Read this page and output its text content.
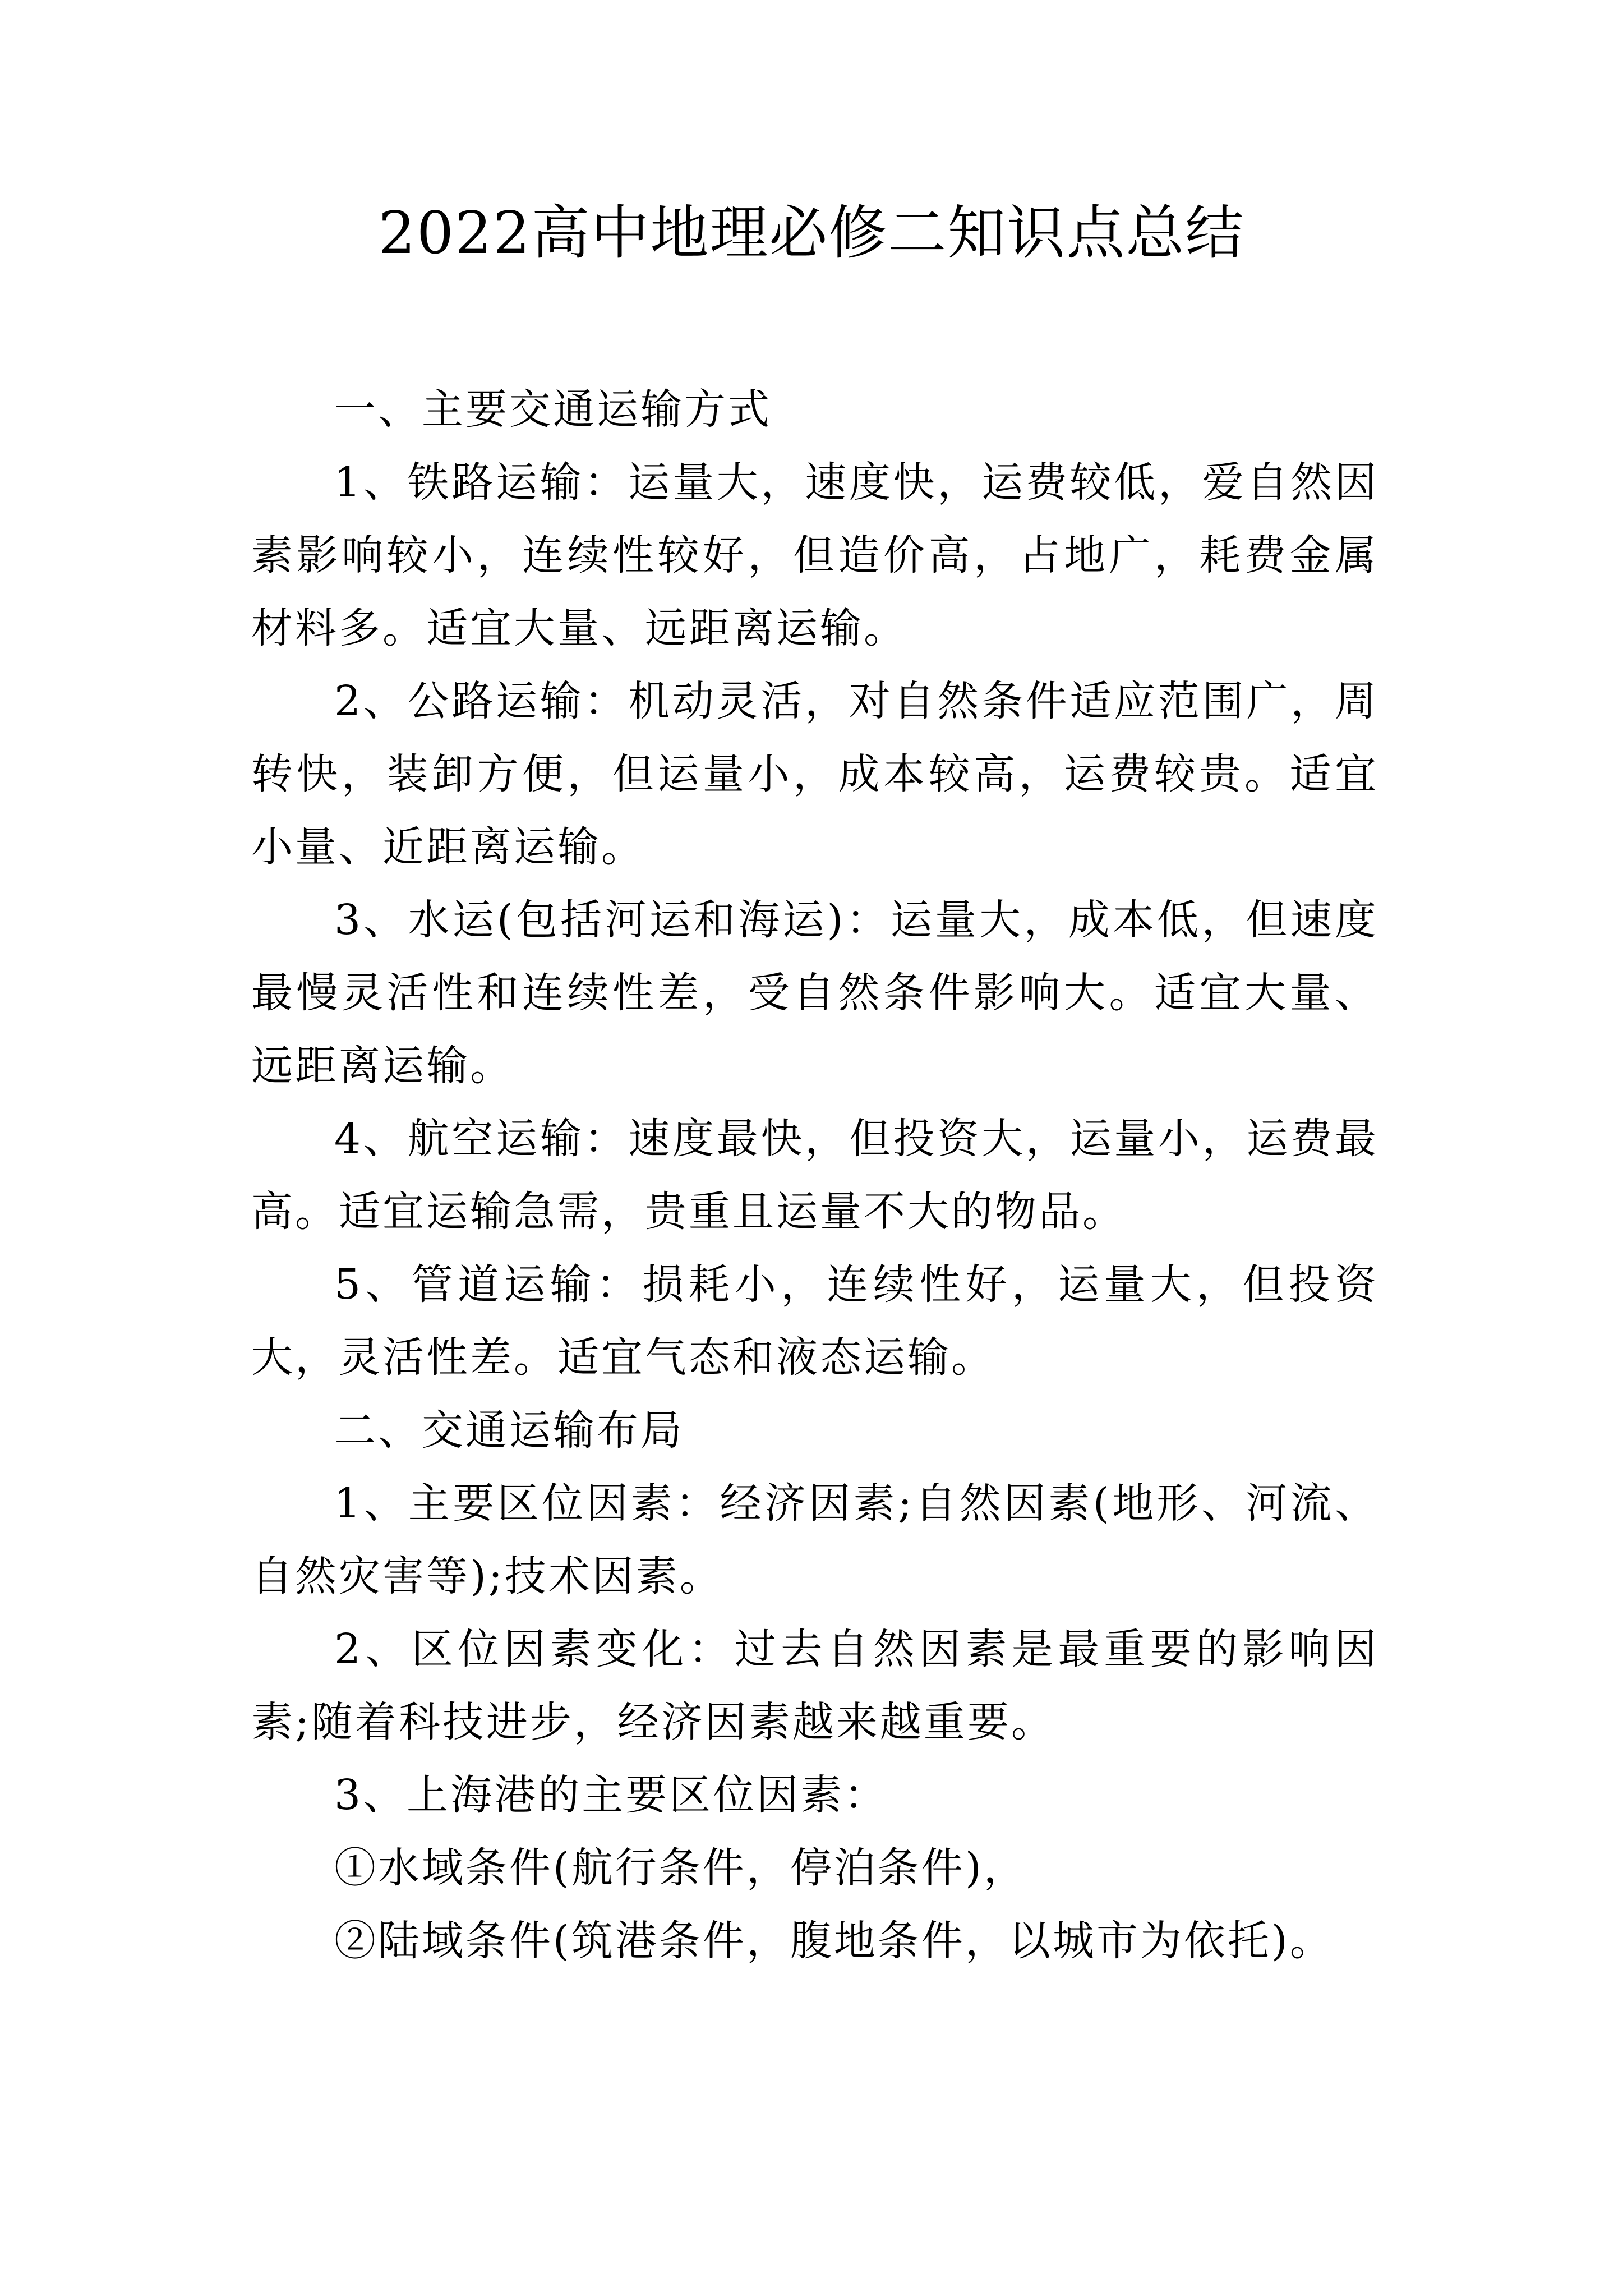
2022高中地理必修二知识点总结

一、主要交通运输方式

1、铁路运输：运量大，速度快，运费较低，爱自然因素影响较小，连续性较好，但造价高，占地广，耗费金属材料多。适宜大量、远距离运输。

2、公路运输：机动灵活，对自然条件适应范围广，周转快，装卸方便，但运量小，成本较高，运费较贵。适宜小量、近距离运输。

3、水运(包括河运和海运)：运量大，成本低，但速度最慢灵活性和连续性差，受自然条件影响大。适宜大量、远距离运输。

4、航空运输：速度最快，但投资大，运量小，运费最高。适宜运输急需，贵重且运量不大的物品。

5、管道运输：损耗小，连续性好，运量大，但投资大，灵活性差。适宜气态和液态运输。

二、交通运输布局

1、主要区位因素：经济因素;自然因素(地形、河流、自然灾害等);技术因素。

2、区位因素变化：过去自然因素是最重要的影响因素;随着科技进步，经济因素越来越重要。

3、上海港的主要区位因素：

①水域条件(航行条件，停泊条件)，

②陆域条件(筑港条件，腹地条件，以城市为依托)。
